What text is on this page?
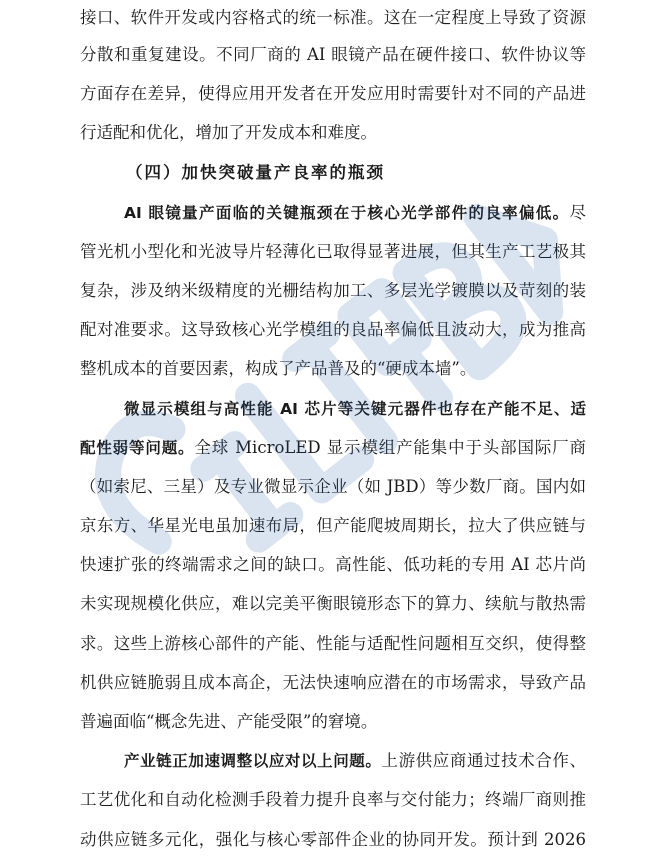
接口、软件开发或内容格式的统一标准。这在一定程度上导致了资源
分散和重复建设。不同厂商的 AI 眼镜产品在硬件接口、软件协议等
方面存在差异，使得应用开发者在开发应用时需要针对不同的产品进
行适配和优化，增加了开发成本和难度。
（四）加快突破量产良率的瓶颈
AI 眼镜量产面临的关键瓶颈在于核心光学部件的良率偏低。尽
管光机小型化和光波导片轻薄化已取得显著进展，但其生产工艺极其
复杂，涉及纳米级精度的光栅结构加工、多层光学镀膜以及苛刻的装
配对准要求。这导致核心光学模组的良品率偏低且波动大，成为推高
整机成本的首要因素，构成了产品普及的“硬成本墙”。
微显示模组与高性能 AI 芯片等关键元器件也存在产能不足、适
配性弱等问题。全球 MicroLED 显示模组产能集中于头部国际厂商
（如索尼、三星）及专业微显示企业（如 JBD）等少数厂商。国内如
京东方、华星光电虽加速布局，但产能爬坡周期长，拉大了供应链与
快速扩张的终端需求之间的缺口。高性能、低功耗的专用 AI 芯片尚
未实现规模化供应，难以完美平衡眼镜形态下的算力、续航与散热需
求。这些上游核心部件的产能、性能与适配性问题相互交织，使得整
机供应链脆弱且成本高企，无法快速响应潜在的市场需求，导致产品
普遍面临“概念先进、产能受限”的窘境。
产业链正加速调整以应对以上问题。上游供应商通过技术合作、
工艺优化和自动化检测手段着力提升良率与交付能力；终端厂商则推
动供应链多元化，强化与核心零部件企业的协同开发。预计到 2026
